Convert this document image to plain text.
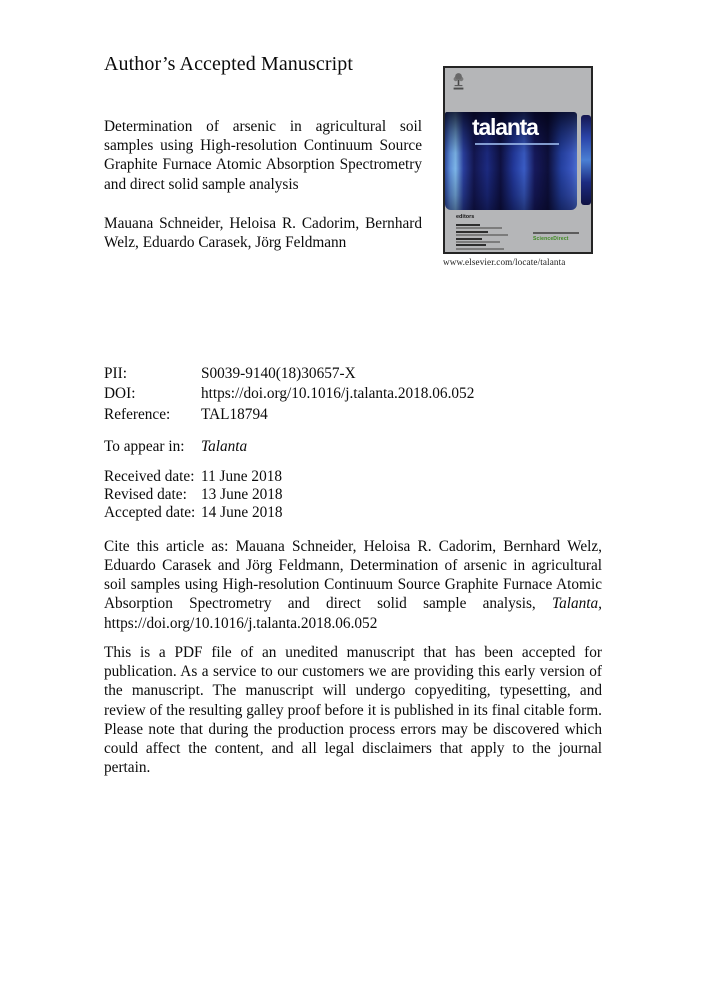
Author’s Accepted Manuscript
Determination of arsenic in agricultural soil samples using High-resolution Continuum Source Graphite Furnace Atomic Absorption Spectrometry and direct solid sample analysis
Mauana Schneider, Heloisa R. Cadorim, Bernhard Welz, Eduardo Carasek, Jörg Feldmann
talanta
editors
ScienceDirect
www.elsevier.com/locate/talanta
PII:	S0039-9140(18)30657-X
DOI:	https://doi.org/10.1016/j.talanta.2018.06.052
Reference:	TAL18794
To appear in:	Talanta
Received date: 11 June 2018
Revised date: 13 June 2018
Accepted date: 14 June 2018
Cite this article as: Mauana Schneider, Heloisa R. Cadorim, Bernhard Welz, Eduardo Carasek and Jörg Feldmann, Determination of arsenic in agricultural soil samples using High-resolution Continuum Source Graphite Furnace Atomic Absorption Spectrometry and direct solid sample analysis, Talanta, https://doi.org/10.1016/j.talanta.2018.06.052
This is a PDF file of an unedited manuscript that has been accepted for publication. As a service to our customers we are providing this early version of the manuscript. The manuscript will undergo copyediting, typesetting, and review of the resulting galley proof before it is published in its final citable form. Please note that during the production process errors may be discovered which could affect the content, and all legal disclaimers that apply to the journal pertain.
